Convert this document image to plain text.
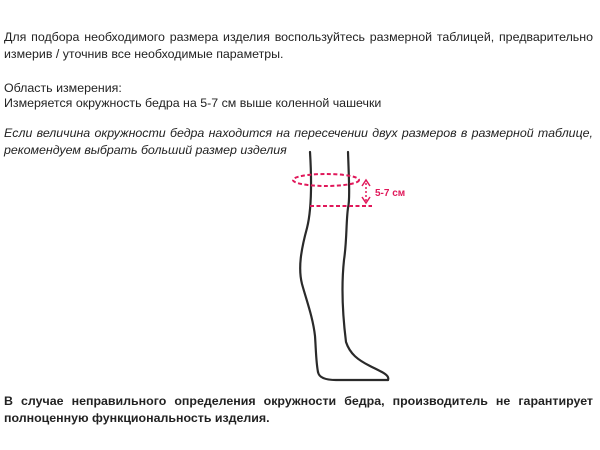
Для подбора необходимого размера изделия воспользуйтесь размерной таблицей, предварительно измерив / уточнив все необходимые параметры.

Область измерения:

Измеряется окружность бедра на 5-7 см выше коленной чашечки

Если величина окружности бедра находится на пересечении двух размеров в размерной таблице, рекомендуем выбрать больший размер изделия

5-7 см

В случае неправильного определения окружности бедра, производитель не гарантирует полноценную функциональность изделия.
